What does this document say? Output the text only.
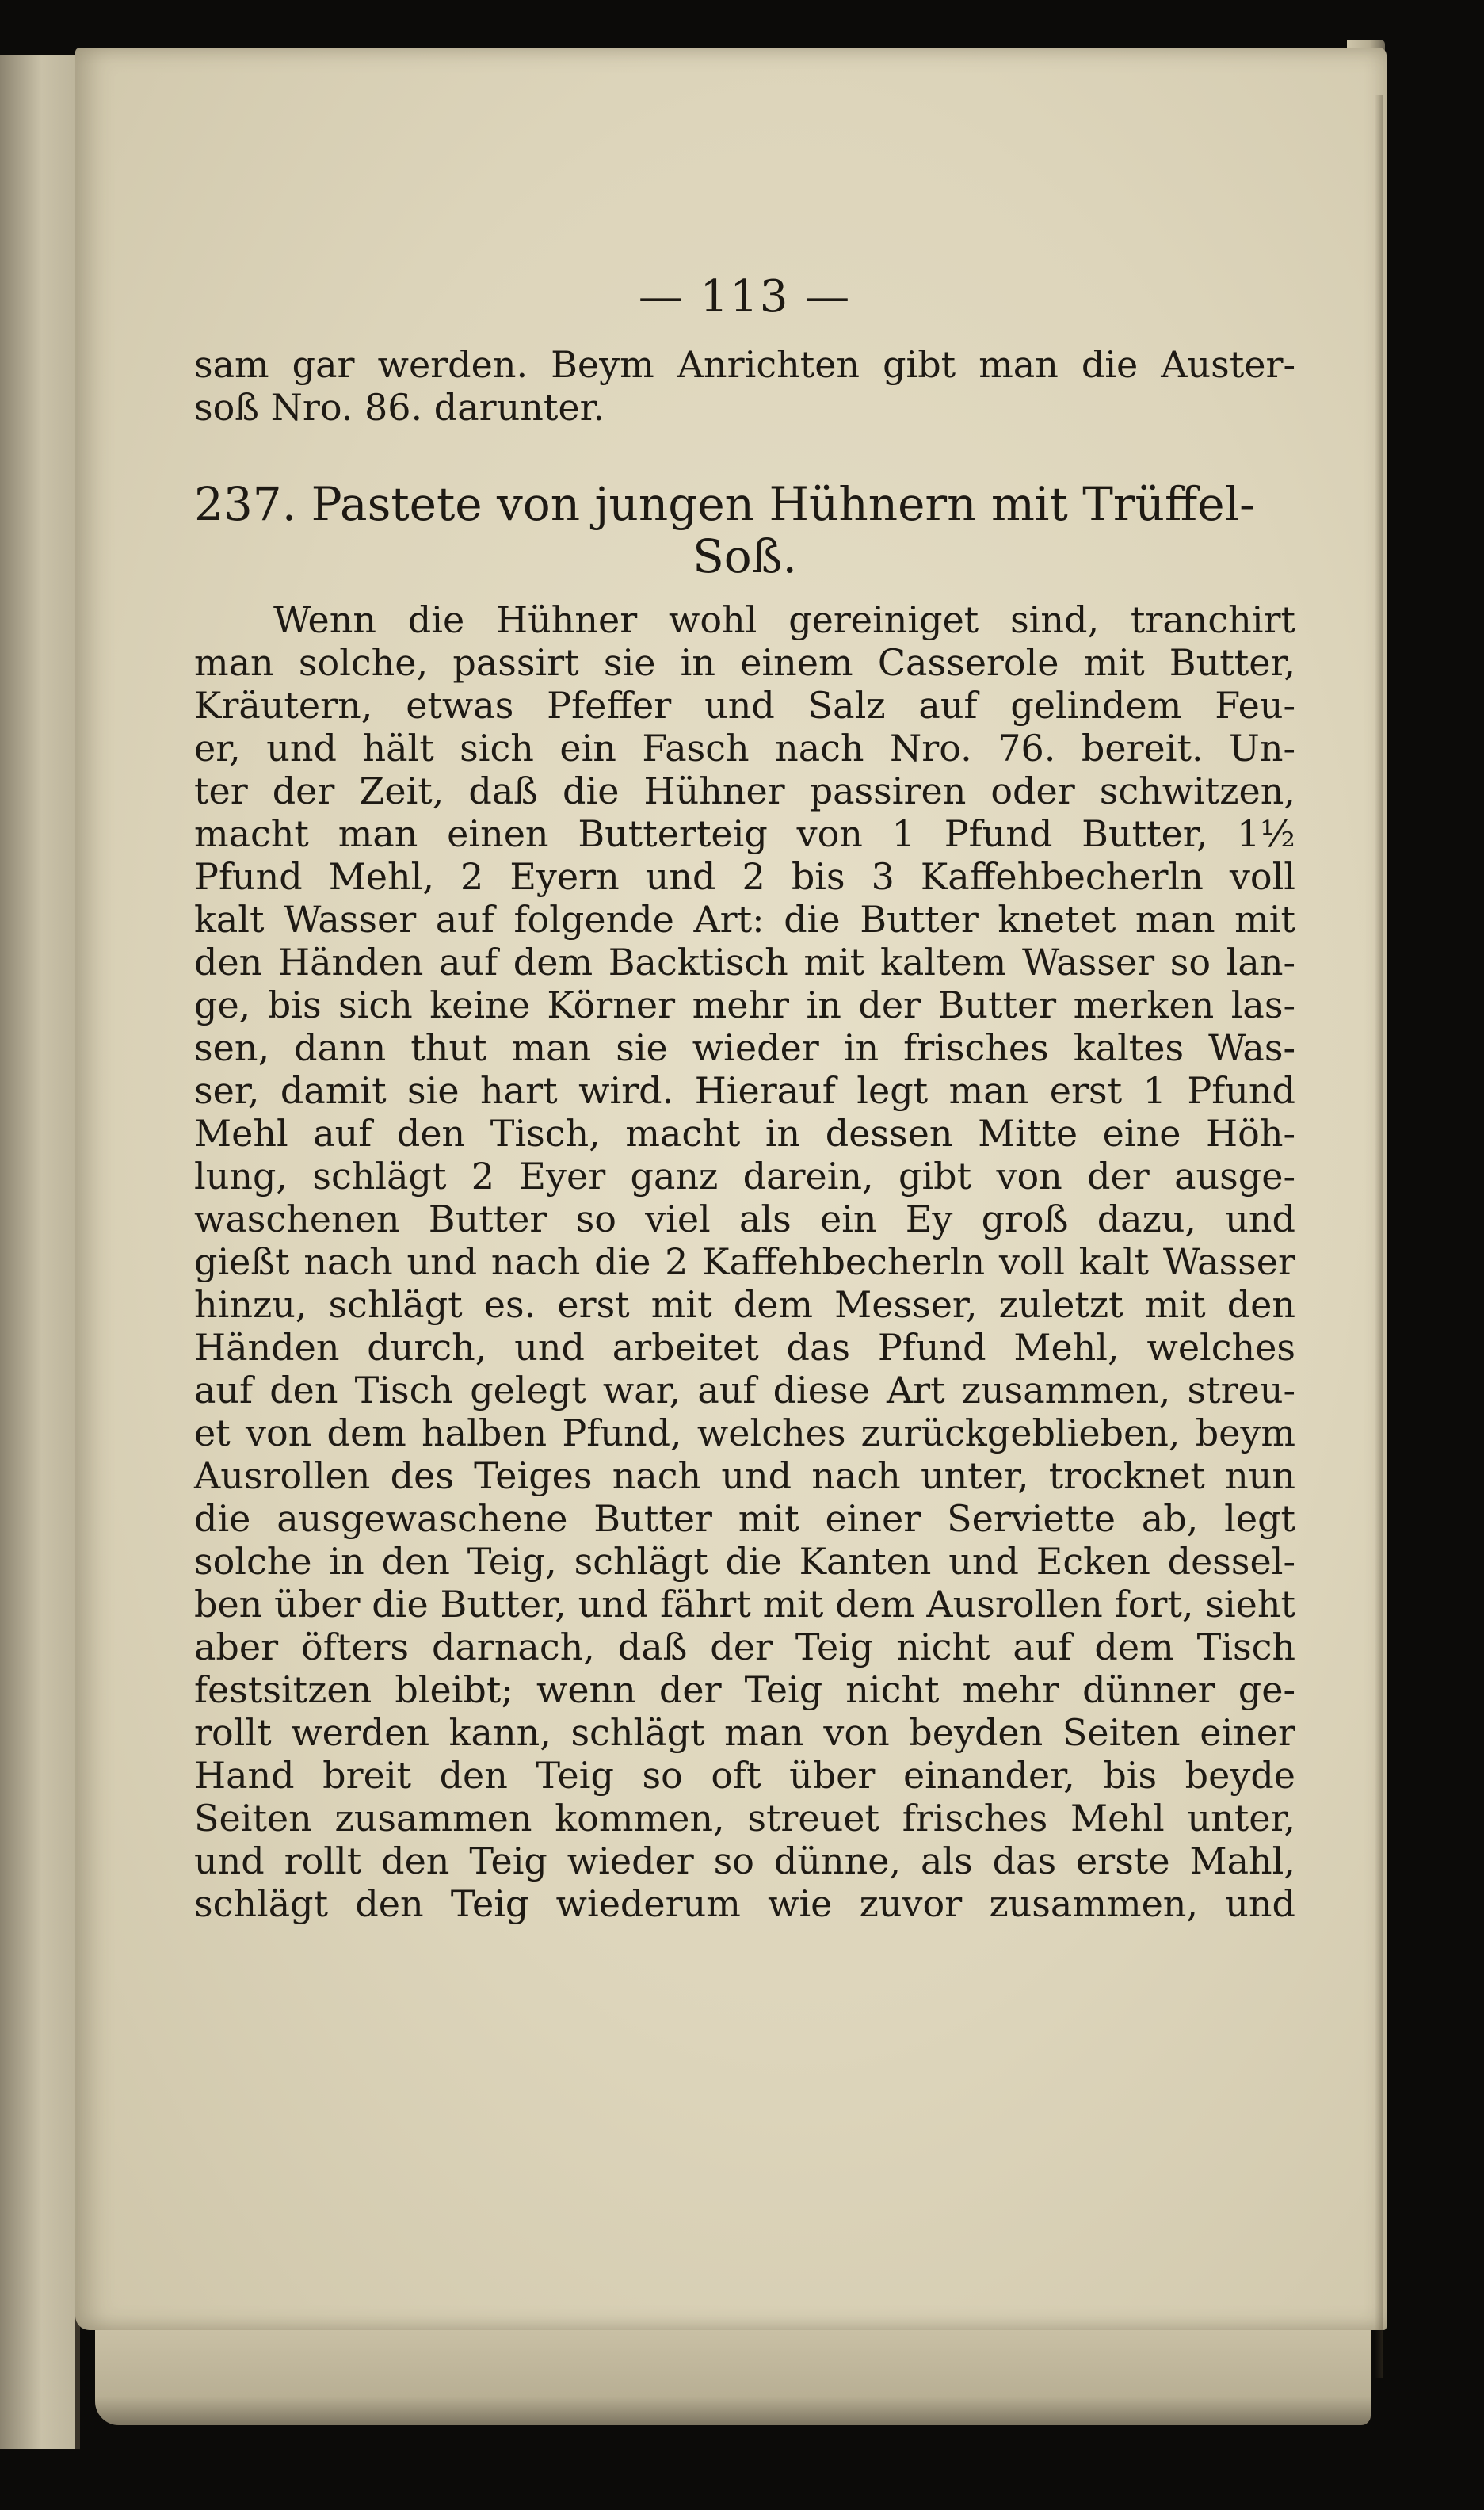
— 113 —
sam gar werden. Beym Anrichten gibt man die Auster-
soß Nro. 86. darunter.
237. Pastete von jungen Hühnern mit Trüffel-
Soß.
Wenn die Hühner wohl gereiniget sind, tranchirt
man solche, passirt sie in einem Casserole mit Butter,
Kräutern, etwas Pfeffer und Salz auf gelindem Feu-
er, und hält sich ein Fasch nach Nro. 76. bereit. Un-
ter der Zeit, daß die Hühner passiren oder schwitzen,
macht man einen Butterteig von 1 Pfund Butter, 1½
Pfund Mehl, 2 Eyern und 2 bis 3 Kaffehbecherln voll
kalt Wasser auf folgende Art: die Butter knetet man mit
den Händen auf dem Backtisch mit kaltem Wasser so lan-
ge, bis sich keine Körner mehr in der Butter merken las-
sen, dann thut man sie wieder in frisches kaltes Was-
ser, damit sie hart wird. Hierauf legt man erst 1 Pfund
Mehl auf den Tisch, macht in dessen Mitte eine Höh-
lung, schlägt 2 Eyer ganz darein, gibt von der ausge-
waschenen Butter so viel als ein Ey groß dazu, und
gießt nach und nach die 2 Kaffehbecherln voll kalt Wasser
hinzu, schlägt es. erst mit dem Messer, zuletzt mit den
Händen durch, und arbeitet das Pfund Mehl, welches
auf den Tisch gelegt war, auf diese Art zusammen, streu-
et von dem halben Pfund, welches zurückgeblieben, beym
Ausrollen des Teiges nach und nach unter, trocknet nun
die ausgewaschene Butter mit einer Serviette ab, legt
solche in den Teig, schlägt die Kanten und Ecken dessel-
ben über die Butter, und fährt mit dem Ausrollen fort, sieht
aber öfters darnach, daß der Teig nicht auf dem Tisch
festsitzen bleibt; wenn der Teig nicht mehr dünner ge-
rollt werden kann, schlägt man von beyden Seiten einer
Hand breit den Teig so oft über einander, bis beyde
Seiten zusammen kommen, streuet frisches Mehl unter,
und rollt den Teig wieder so dünne, als das erste Mahl,
schlägt den Teig wiederum wie zuvor zusammen, und
